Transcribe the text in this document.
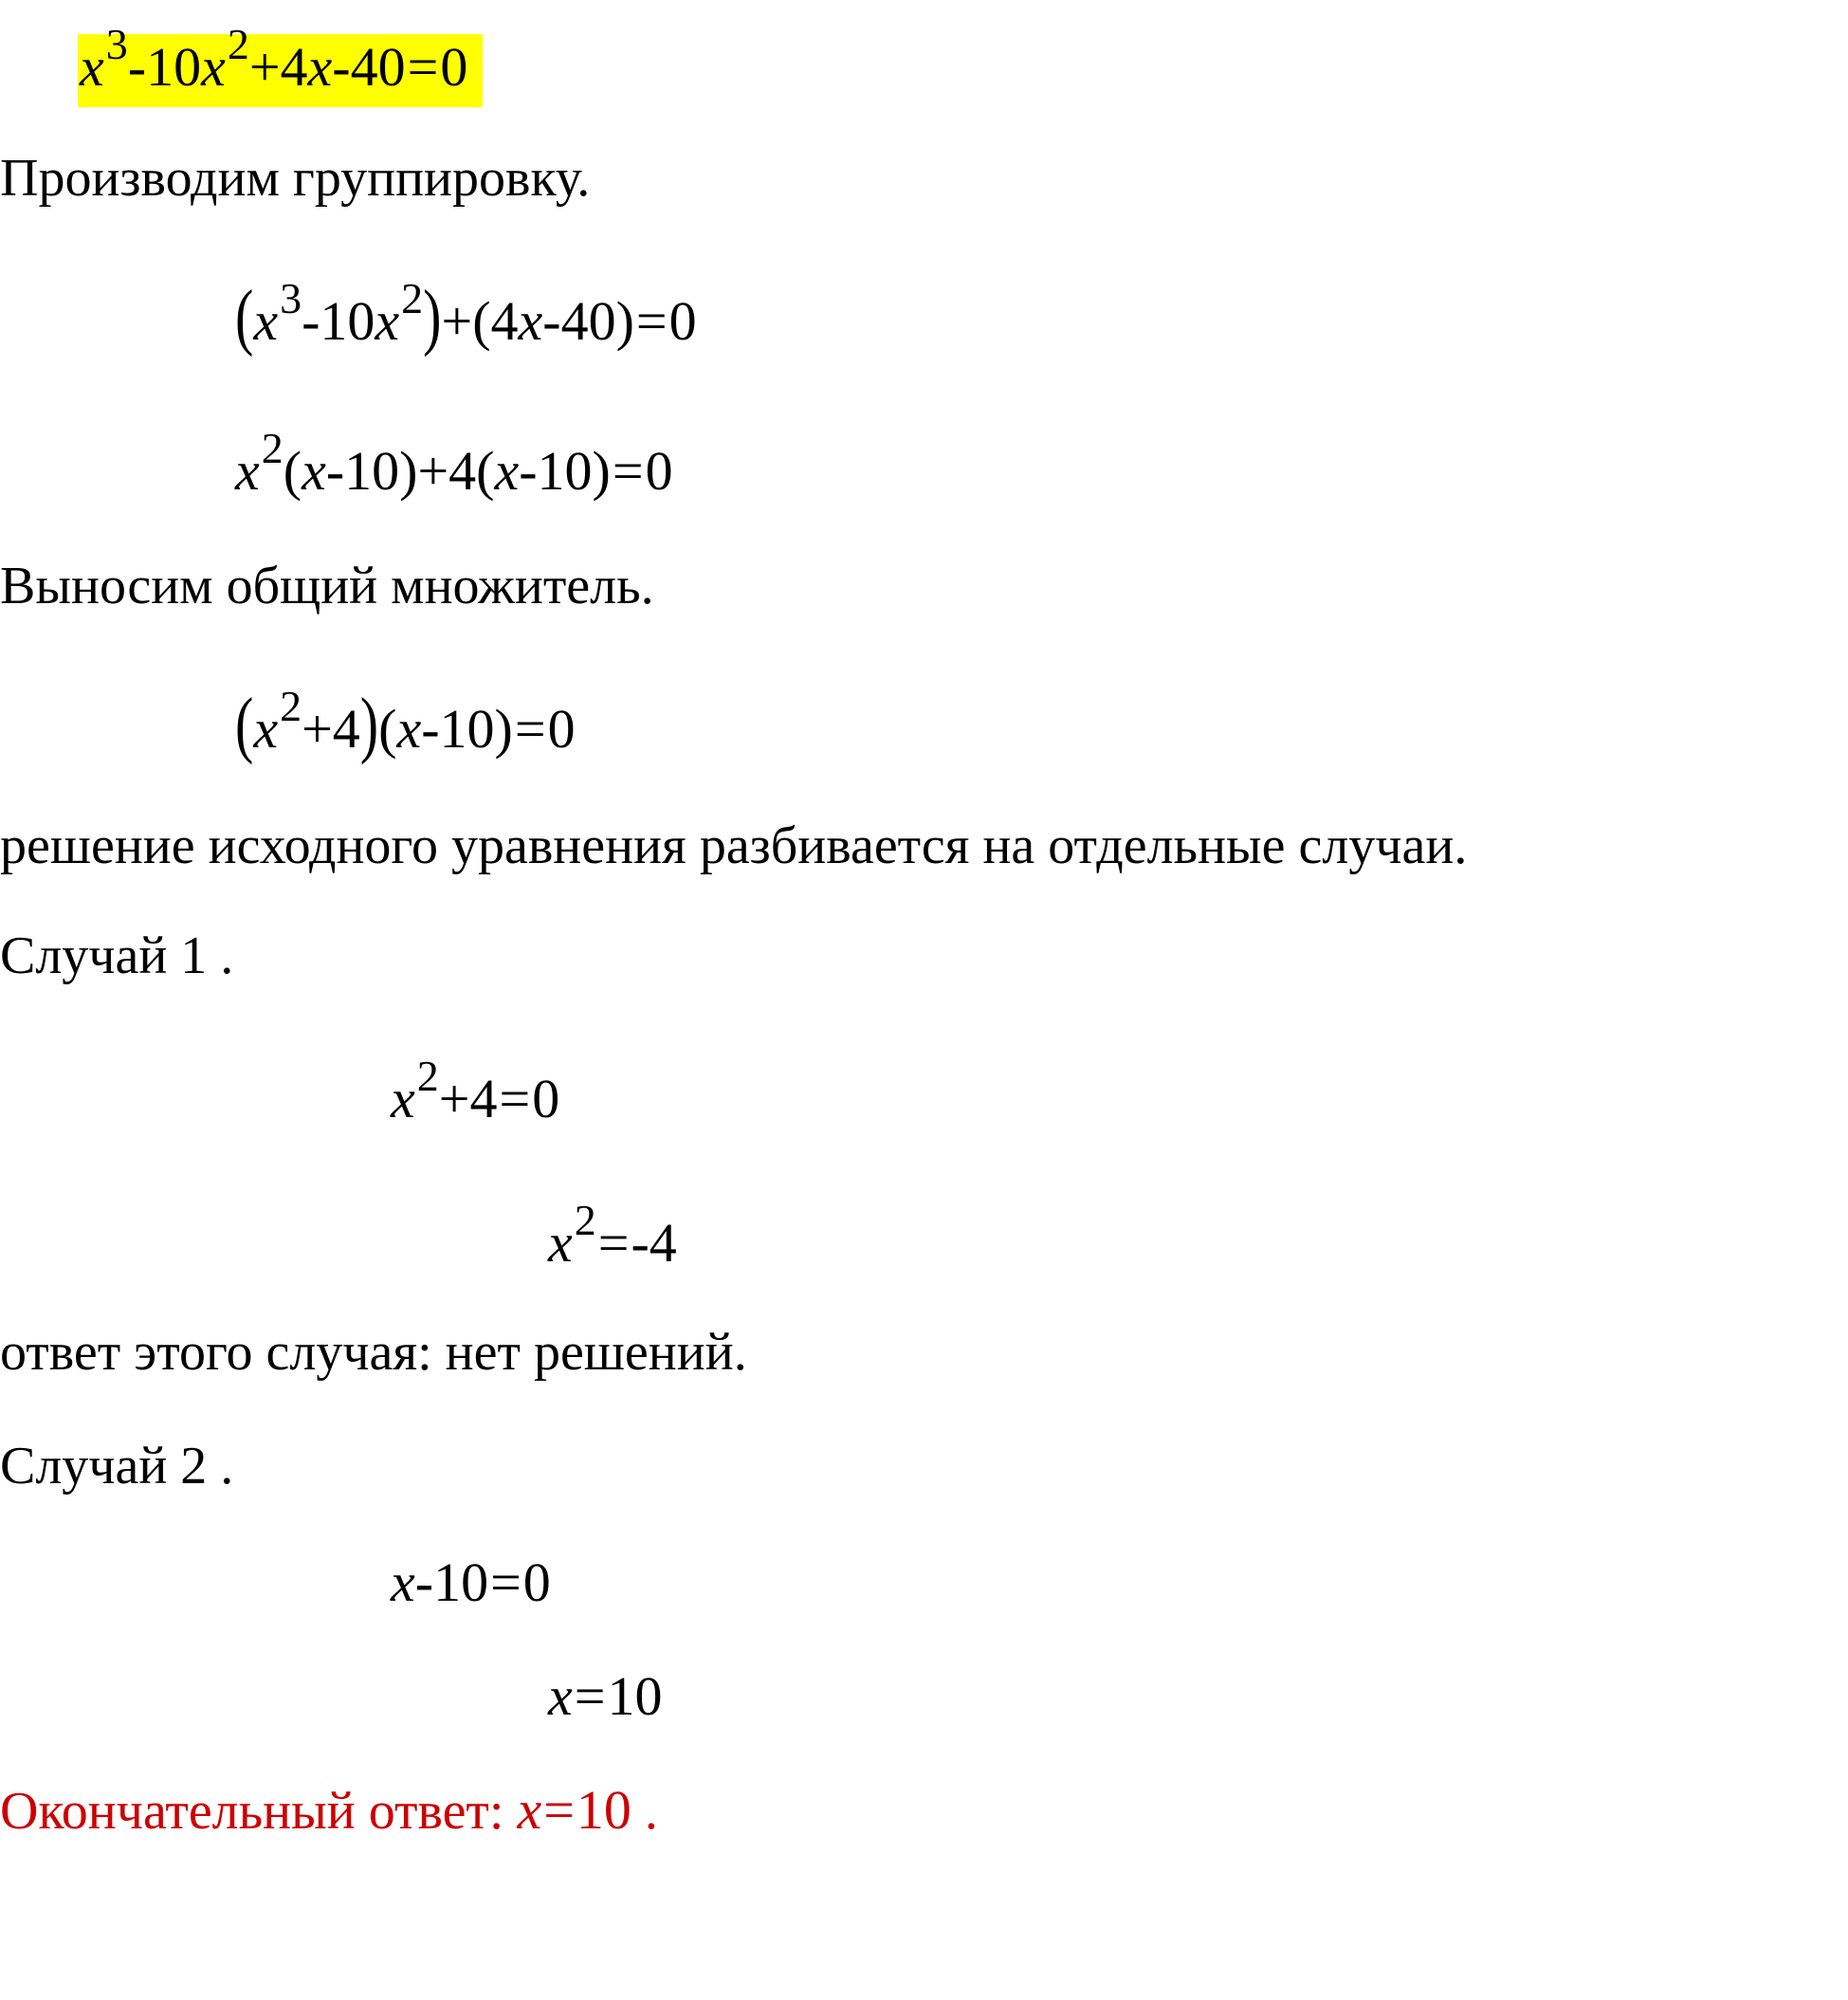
$x^3-10x^2+4x-40=0$
Производим группировку.
$(x^3-10x^2)+(4x-40)=0$
$x^2(x-10)+4(x-10)=0$
Выносим общий множитель.
$(x^2+4)(x-10)=0$
решение исходного уравнения разбивается на отдельные случаи.
Случай 1 .
$x^2+4=0$
$x^2=-4$
ответ этого случая: нет решений.
Случай 2 .
x-10=0
x=10
Окончательный ответ: x=10 .
